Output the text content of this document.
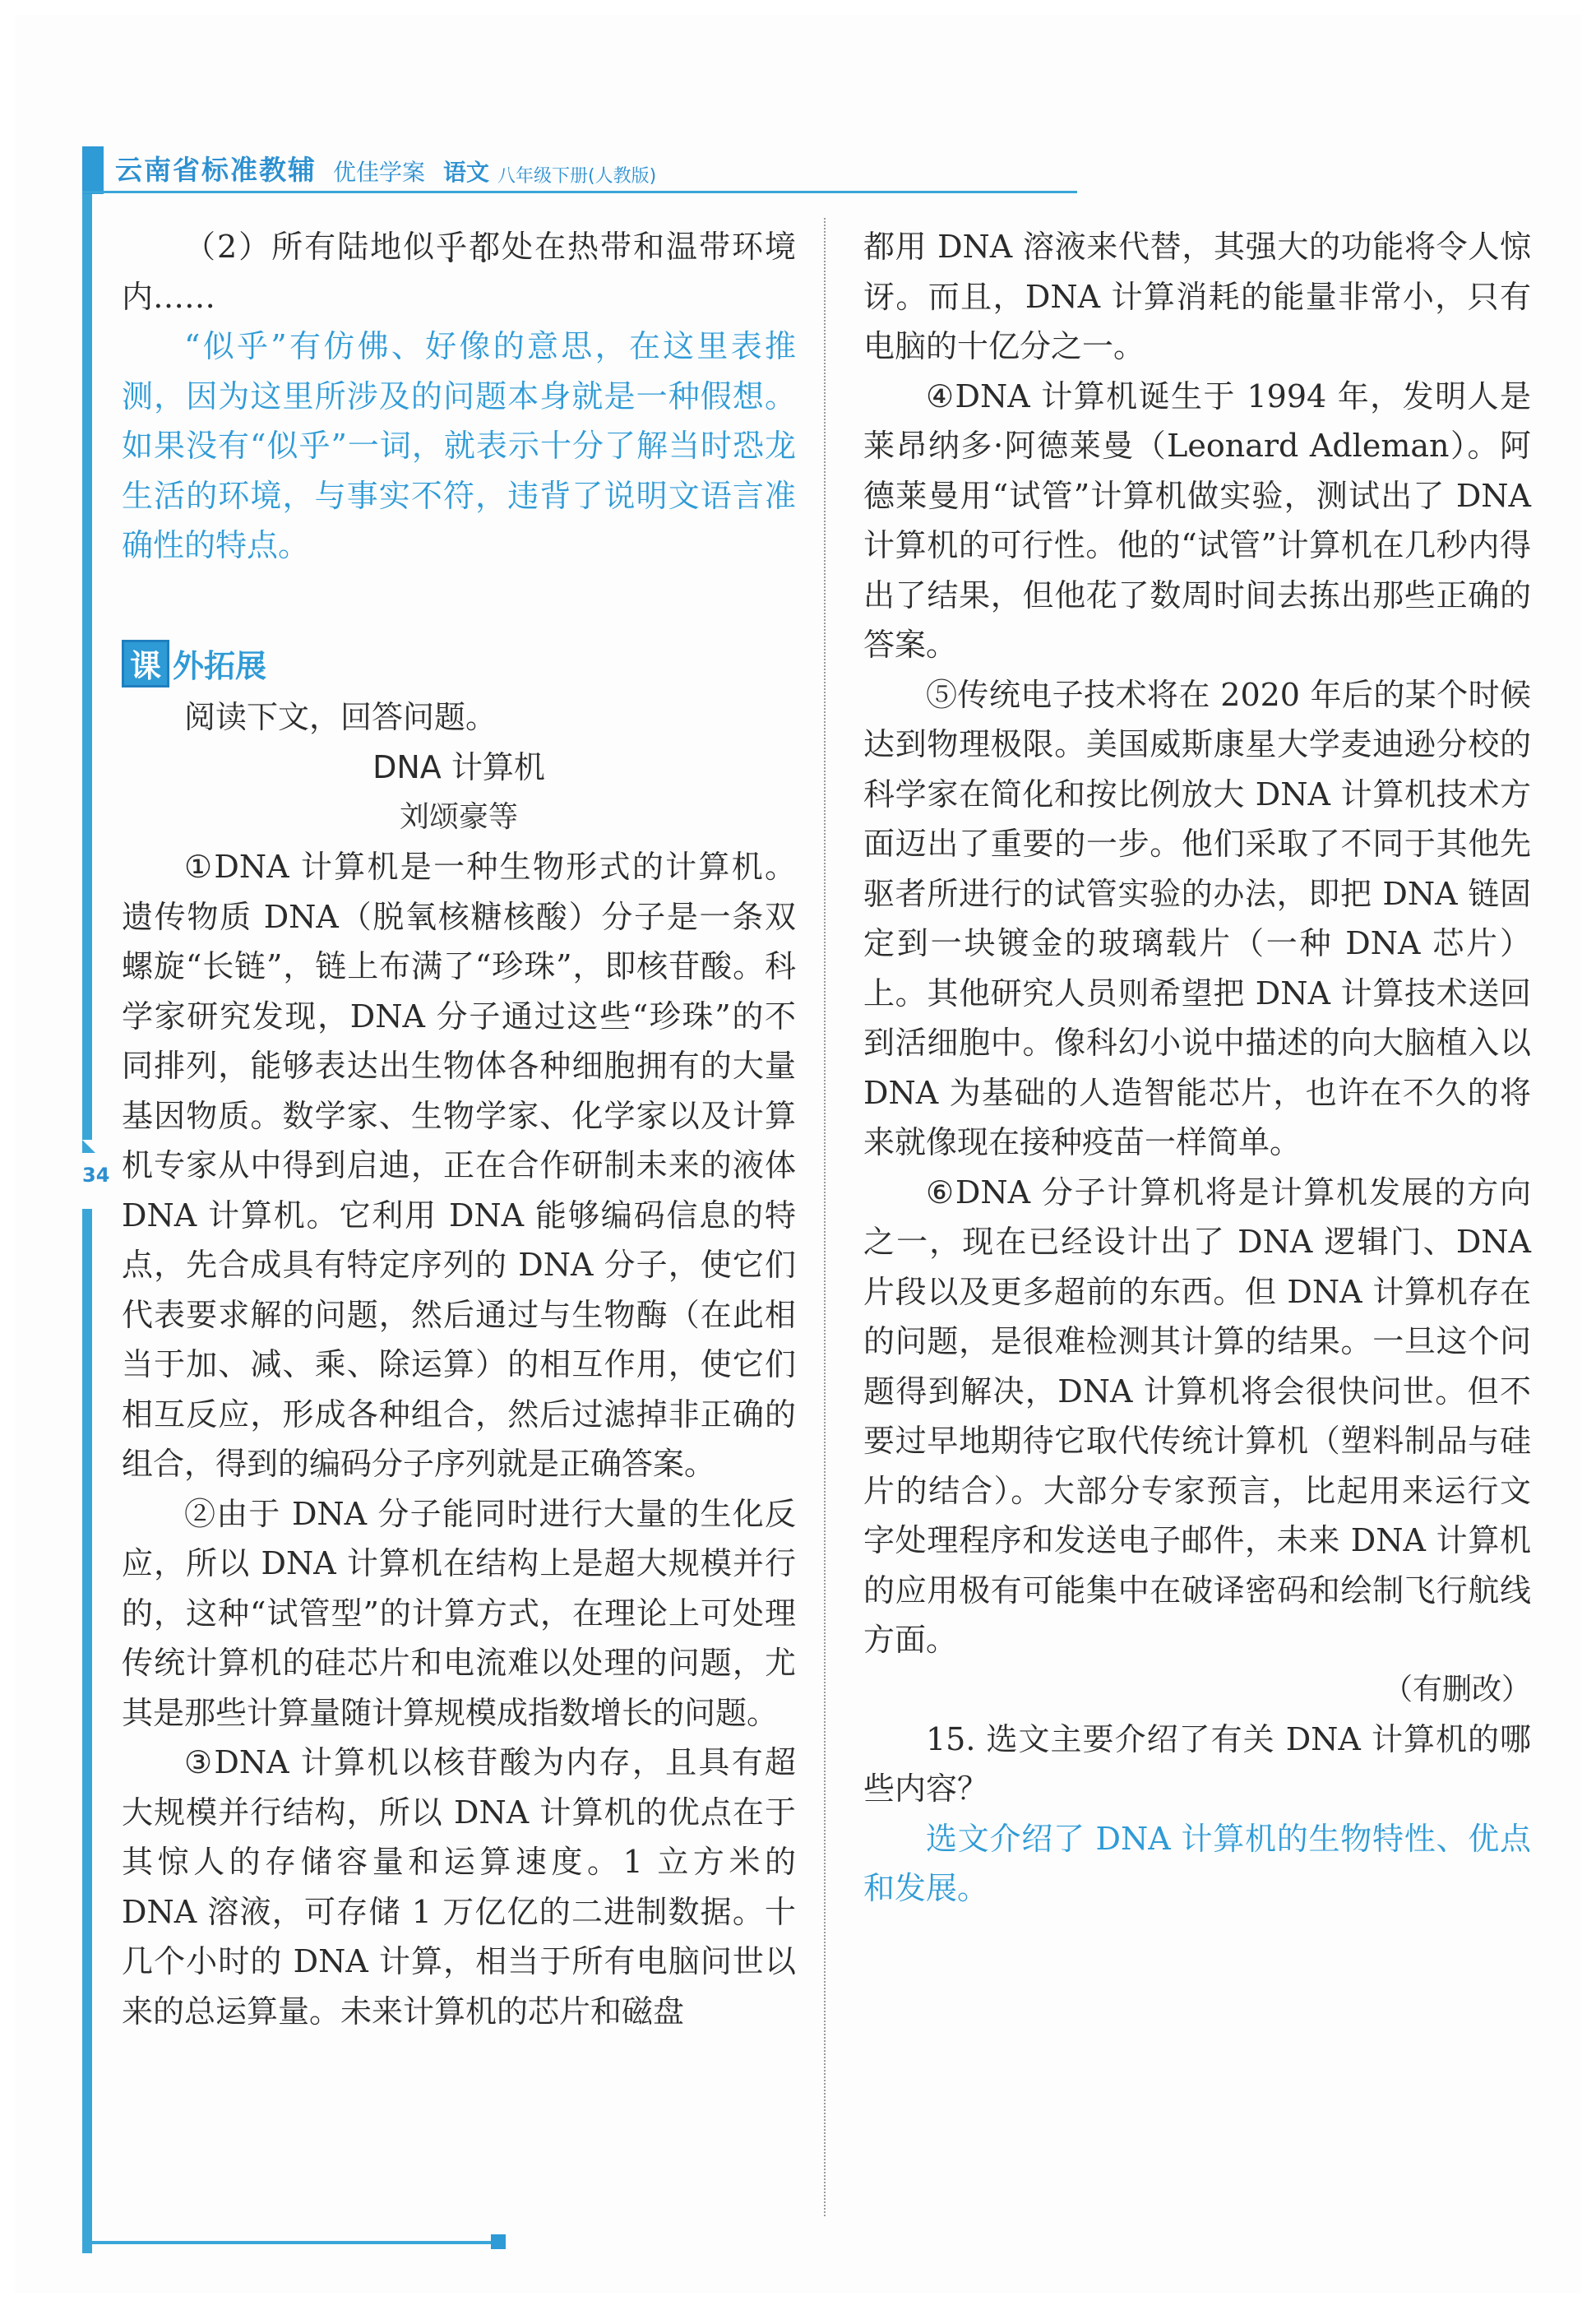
云南省标准教辅 优佳学案 语文 八年级下册(人教版)
34

（2）所有陆地似乎都处在热带和温带环境内……

“似乎”有仿佛、好像的意思，在这里表推测，因为这里所涉及的问题本身就是一种假想。如果没有“似乎”一词，就表示十分了解当时恐龙生活的环境，与事实不符，违背了说明文语言准确性的特点。

课 外拓展

阅读下文，回答问题。

DNA 计算机
刘颂豪等

①DNA 计算机是一种生物形式的计算机。遗传物质 DNA（脱氧核糖核酸）分子是一条双螺旋“长链”，链上布满了“珍珠”，即核苷酸。科学家研究发现，DNA 分子通过这些“珍珠”的不同排列，能够表达出生物体各种细胞拥有的大量基因物质。数学家、生物学家、化学家以及计算机专家从中得到启迪，正在合作研制未来的液体 DNA 计算机。它利用 DNA 能够编码信息的特点，先合成具有特定序列的 DNA 分子，使它们代表要求解的问题，然后通过与生物酶（在此相当于加、减、乘、除运算）的相互作用，使它们相互反应，形成各种组合，然后过滤掉非正确的组合，得到的编码分子序列就是正确答案。

②由于 DNA 分子能同时进行大量的生化反应，所以 DNA 计算机在结构上是超大规模并行的，这种“试管型”的计算方式，在理论上可处理传统计算机的硅芯片和电流难以处理的问题，尤其是那些计算量随计算规模成指数增长的问题。

③DNA 计算机以核苷酸为内存，且具有超大规模并行结构，所以 DNA 计算机的优点在于其惊人的存储容量和运算速度。1 立方米的 DNA 溶液，可存储 1 万亿亿的二进制数据。十几个小时的 DNA 计算，相当于所有电脑问世以来的总运算量。未来计算机的芯片和磁盘

都用 DNA 溶液来代替，其强大的功能将令人惊讶。而且，DNA 计算消耗的能量非常小，只有电脑的十亿分之一。

④DNA 计算机诞生于 1994 年，发明人是莱昂纳多·阿德莱曼（Leonard Adleman）。阿德莱曼用“试管”计算机做实验，测试出了 DNA 计算机的可行性。他的“试管”计算机在几秒内得出了结果，但他花了数周时间去拣出那些正确的答案。

⑤传统电子技术将在 2020 年后的某个时候达到物理极限。美国威斯康星大学麦迪逊分校的科学家在简化和按比例放大 DNA 计算机技术方面迈出了重要的一步。他们采取了不同于其他先驱者所进行的试管实验的办法，即把 DNA 链固定到一块镀金的玻璃载片（一种 DNA 芯片）上。其他研究人员则希望把 DNA 计算技术送回到活细胞中。像科幻小说中描述的向大脑植入以 DNA 为基础的人造智能芯片，也许在不久的将来就像现在接种疫苗一样简单。

⑥DNA 分子计算机将是计算机发展的方向之一，现在已经设计出了 DNA 逻辑门、DNA 片段以及更多超前的东西。但 DNA 计算机存在的问题，是很难检测其计算的结果。一旦这个问题得到解决，DNA 计算机将会很快问世。但不要过早地期待它取代传统计算机（塑料制品与硅片的结合）。大部分专家预言，比起用来运行文字处理程序和发送电子邮件，未来 DNA 计算机的应用极有可能集中在破译密码和绘制飞行航线方面。

（有删改）

15. 选文主要介绍了有关 DNA 计算机的哪些内容？

选文介绍了 DNA 计算机的生物特性、优点和发展。
